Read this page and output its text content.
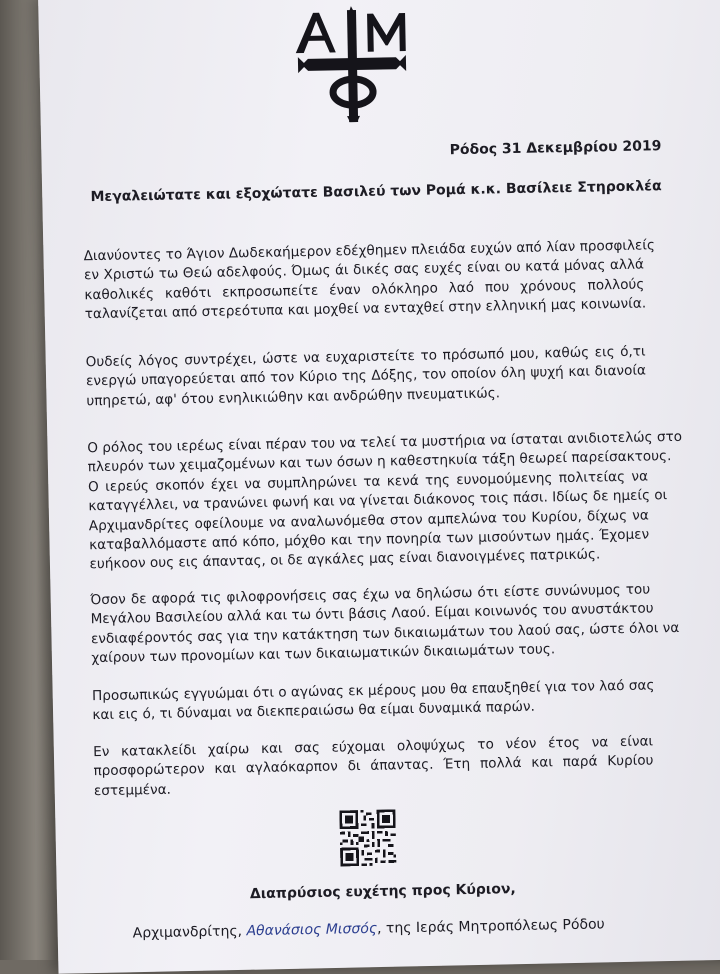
Ρόδος 31 Δεκεμβρίου 2019
Μεγαλειώτατε και εξοχώτατε Βασιλεύ των Ρομά κ.κ. Βασίλειε Στηροκλέα
Διανύοντες το Άγιον Δωδεκαήμερον εδέχθημεν πλειάδα ευχών από λίαν προσφιλείς
εν Χριστώ τω Θεώ αδελφούς. Όμως άι δικές σας ευχές είναι ου κατά μόνας αλλά
καθολικές καθότι εκπροσωπείτε έναν ολόκληρο λαό που χρόνους πολλούς
ταλανίζεται από στερεότυπα και μοχθεί να ενταχθεί στην ελληνική μας κοινωνία.
Ουδείς λόγος συντρέχει, ώστε να ευχαριστείτε το πρόσωπό μου, καθώς εις ό,τι
ενεργώ υπαγορεύεται από τον Κύριο της Δόξης, τον οποίον όλη ψυχή και διανοία
υπηρετώ, αφ' ότου ενηλικιώθην και ανδρώθην πνευματικώς.
Ο ρόλος του ιερέως είναι πέραν του να τελεί τα μυστήρια να ίσταται ανιδιοτελώς στο
πλευρόν των χειμαζομένων και των όσων η καθεστηκυία τάξη θεωρεί παρείσακτους.
Ο ιερεύς σκοπόν έχει να συμπληρώνει τα κενά της ευνομούμενης πολιτείας να
καταγγέλλει, να τρανώνει φωνή και να γίνεται διάκονος τοις πάσι. Ιδίως δε ημείς οι
Αρχιμανδρίτες οφείλουμε να αναλωνόμεθα στον αμπελώνα του Κυρίου, δίχως να
καταβαλλόμαστε από κόπο, μόχθο και την πονηρία των μισούντων ημάς. Έχομεν
ευήκοον ους εις άπαντας, οι δε αγκάλες μας είναι διανοιγμένες πατρικώς.
Όσον δε αφορά τις φιλοφρονήσεις σας έχω να δηλώσω ότι είστε συνώνυμος του
Μεγάλου Βασιλείου αλλά και τω όντι βάσις Λαού. Είμαι κοινωνός του ανυστάκτου
ενδιαφέροντός σας για την κατάκτηση των δικαιωμάτων του λαού σας, ώστε όλοι να
χαίρουν των προνομίων και των δικαιωματικών δικαιωμάτων τους.
Προσωπικώς εγγυώμαι ότι ο αγώνας εκ μέρους μου θα επαυξηθεί για τον λαό σας
και εις ό, τι δύναμαι να διεκπεραιώσω θα είμαι δυναμικά παρών.
Εν κατακλείδι χαίρω και σας εύχομαι ολοψύχως το νέον έτος να είναι
προσφορώτερον και αγλαόκαρπον δι άπαντας. Έτη πολλά και παρά Κυρίου
εστεμμένα.
Διαπρύσιος ευχέτης προς Κύριον,
Αρχιμανδρίτης, Αθανάσιος Μισσός, της Ιεράς Μητροπόλεως Ρόδου
